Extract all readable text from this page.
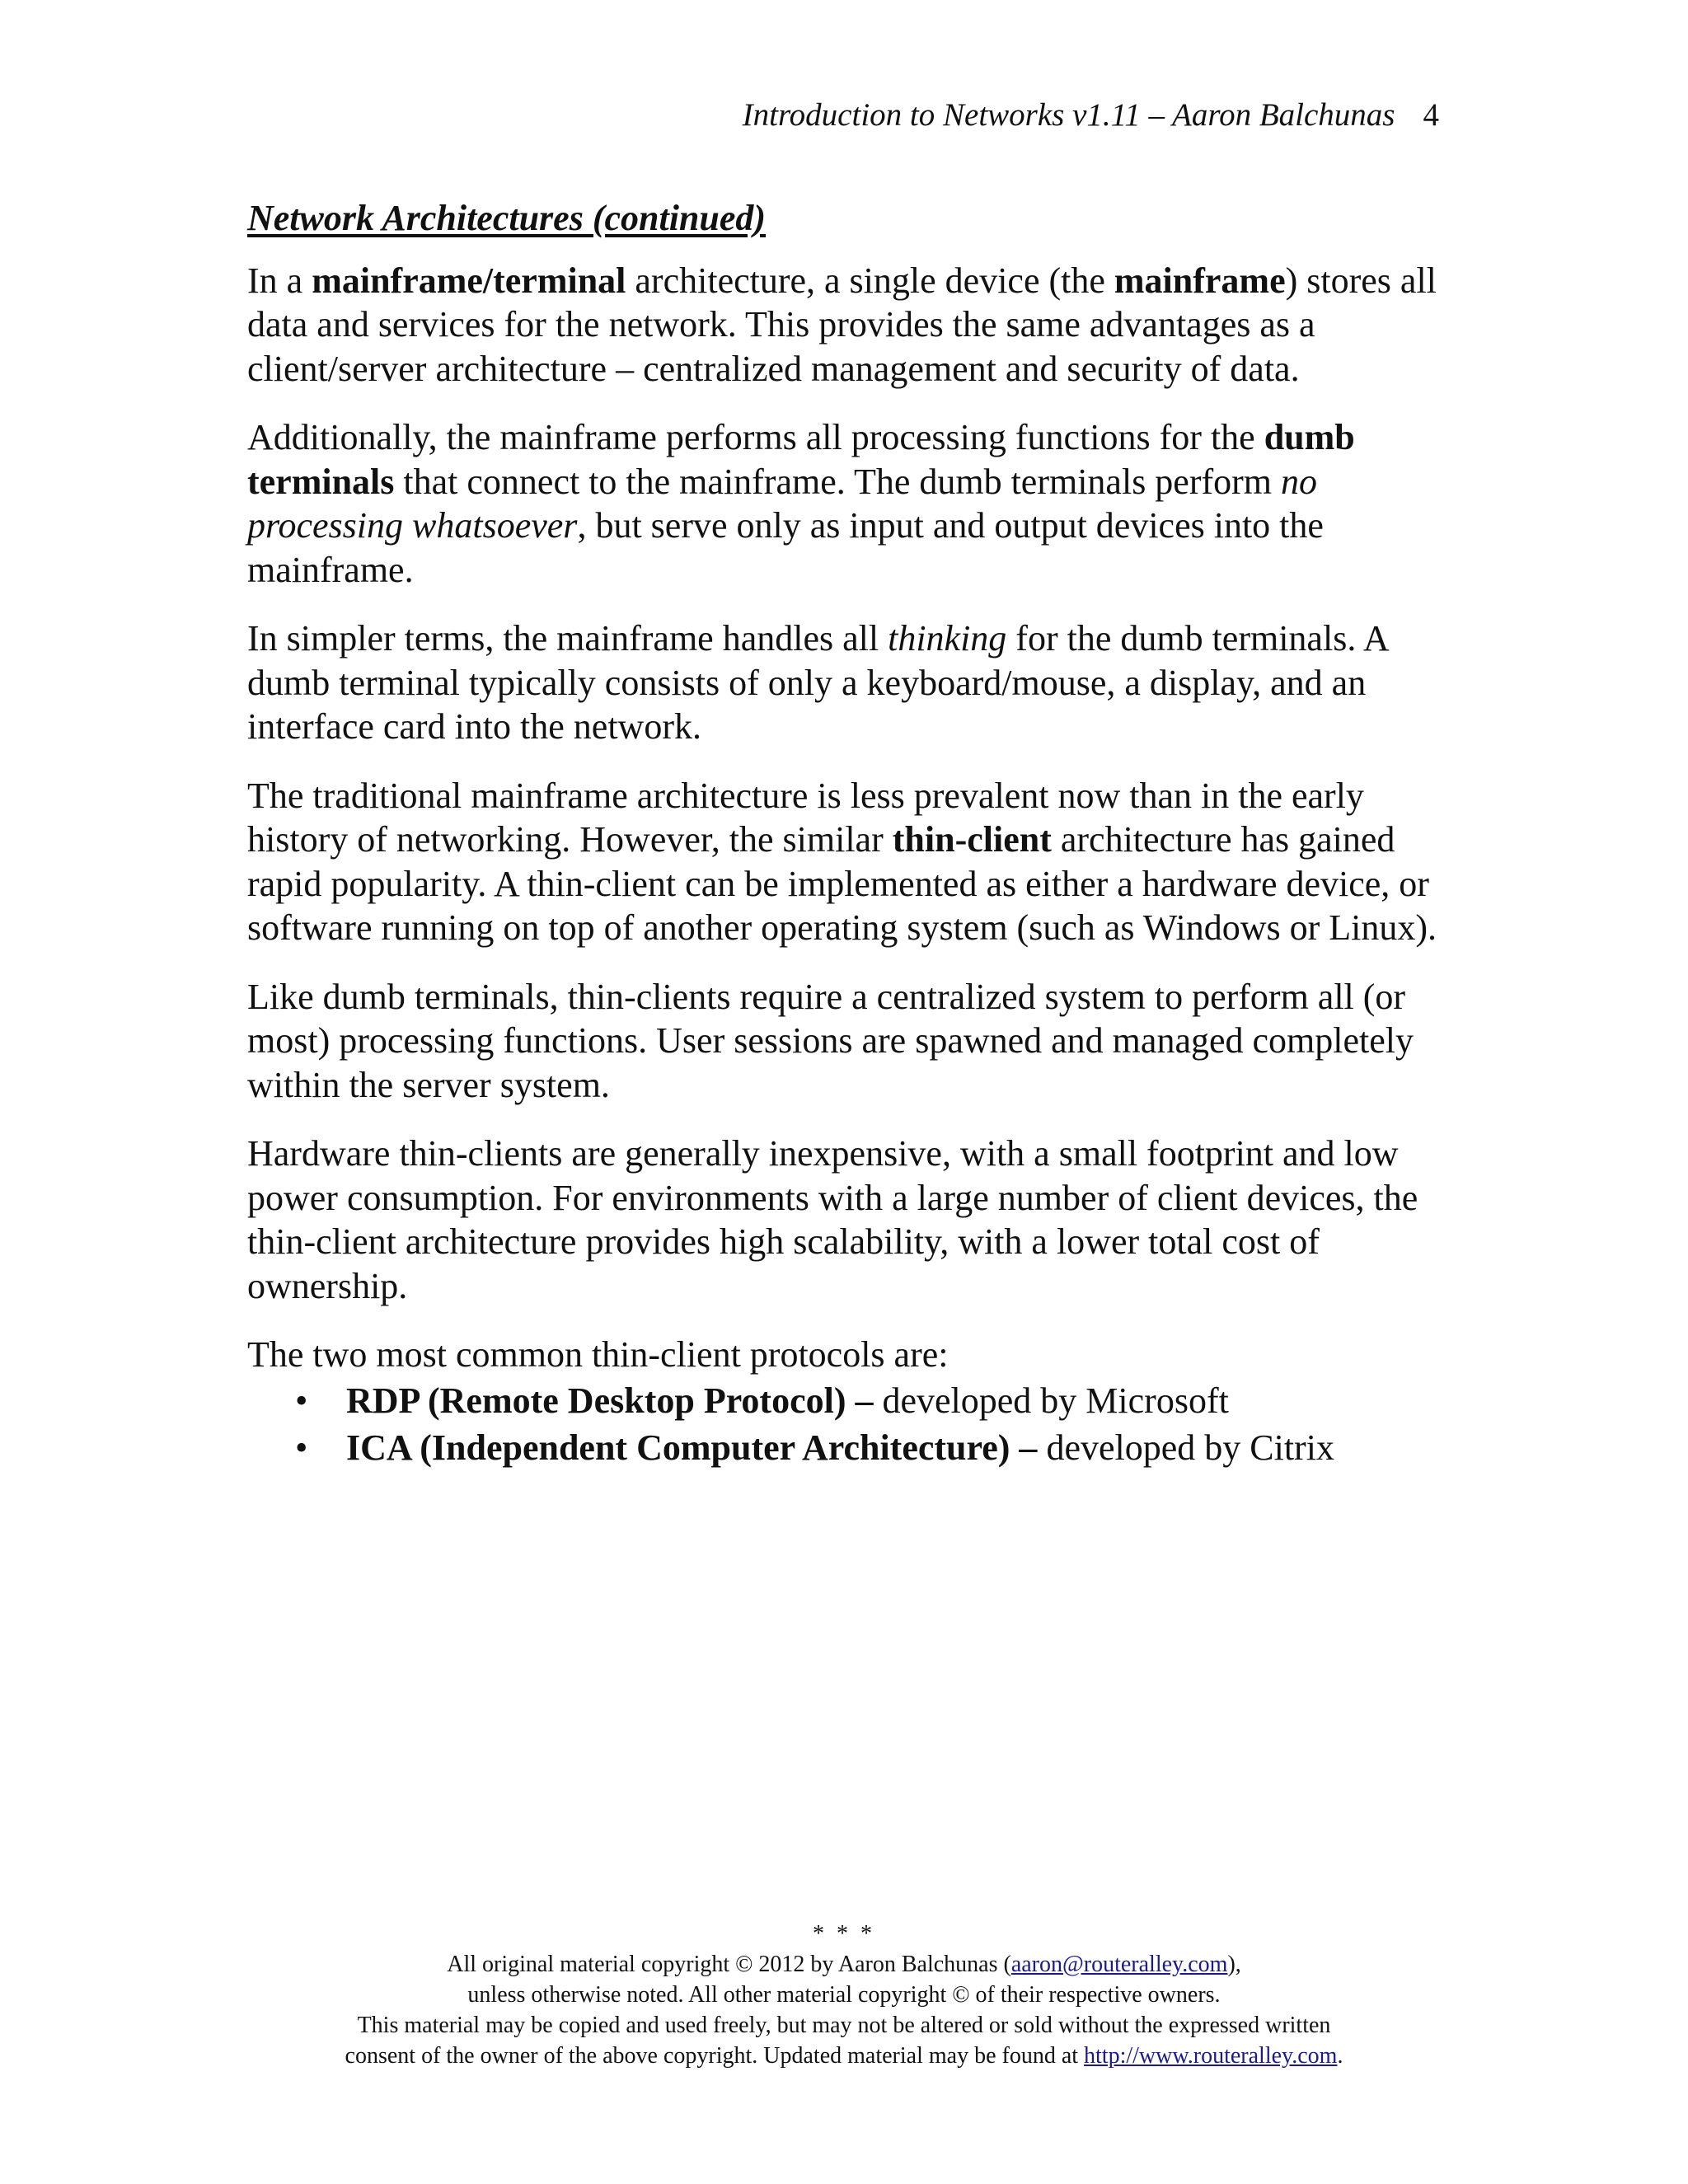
Introduction to Networks v1.11 – Aaron Balchunas 4
Network Architectures (continued)

In a mainframe/terminal architecture, a single device (the mainframe) stores all data and services for the network. This provides the same advantages as a client/server architecture – centralized management and security of data.

Additionally, the mainframe performs all processing functions for the dumb terminals that connect to the mainframe. The dumb terminals perform no processing whatsoever, but serve only as input and output devices into the mainframe.

In simpler terms, the mainframe handles all thinking for the dumb terminals. A dumb terminal typically consists of only a keyboard/mouse, a display, and an interface card into the network.

The traditional mainframe architecture is less prevalent now than in the early history of networking. However, the similar thin-client architecture has gained rapid popularity. A thin-client can be implemented as either a hardware device, or software running on top of another operating system (such as Windows or Linux).

Like dumb terminals, thin-clients require a centralized system to perform all (or most) processing functions. User sessions are spawned and managed completely within the server system.

Hardware thin-clients are generally inexpensive, with a small footprint and low power consumption. For environments with a large number of client devices, the thin-client architecture provides high scalability, with a lower total cost of ownership.

The two most common thin-client protocols are:

• RDP (Remote Desktop Protocol) – developed by Microsoft
• ICA (Independent Computer Architecture) – developed by Citrix
* * *
All original material copyright © 2012 by Aaron Balchunas (aaron@routeralley.com),
unless otherwise noted. All other material copyright © of their respective owners.
This material may be copied and used freely, but may not be altered or sold without the expressed written
consent of the owner of the above copyright. Updated material may be found at http://www.routeralley.com.
